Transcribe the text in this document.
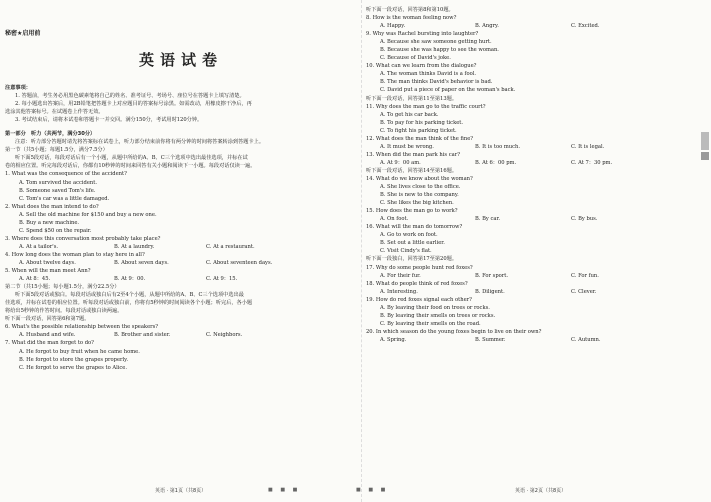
秘密★启用前
英语试卷
注意事项：
1. 答题前，考生务必用黑色碳素笔将自己的姓名、准考证号、考场号、座位号在答题卡上填写清楚。
2. 每小题选出答案后，用2B铅笔把答题卡上对应题目的答案标号涂黑。如需改动，用橡皮擦干净后，再
选涂其他答案标号。在试题卷上作答无效。
3. 考试结束后，请将本试卷和答题卡一并交回。满分150分，考试用时120分钟。
第一部分　听力（共两节，满分30分）
注意：听力部分答题时请先将答案标在试卷上，听力部分结束前你将有两分钟的时间将答案转涂到答题卡上。
第一节（共5小题；每题1.5分，满分7.5分）
听下面5段对话，每段对话后有一个小题，从题中所给的A、B、C三个选项中选出最佳选项，并标在试
卷的相应位置。听完每段对话后，你都有10秒钟的时间来回答有关小题和阅读下一小题。每段对话仅读一遍。
1. What was the consequence of the accident?
A. Tom survived the accident.
B. Someone saved Tom's life.
C. Tom's car was a little damaged.
2. What does the man intend to do?
A. Sell the old machine for $150 and buy a new one.
B. Buy a new machine.
C. Spend $50 on the repair.
3. Where does this conversation most probably take place?
A. At a tailor's.	B. At a laundry.	C. At a restaurant.
4. How long does the woman plan to stay here in all?
A. About twelve days.	B. About seven days.	C. About seventeen days.
5. When will the man meet Ann?
A. At 8：45.	B. At 9：00.	C. At 9：15.
第二节（共15小题；每小题1.5分，满分22.5分）
听下面5段对话或独白。每段对话或独白后有2至4个小题，从题中所给的A、B、C三个选项中选出最
佳选项，并标在试卷的相应位置。听每段对话或独白前，你将有5秒钟的时间阅读各个小题；听完后，各小题
将给出5秒钟的作答时间。每段对话或独白读两遍。
听下面一段对话，回答第6和第7题。
6. What's the possible relationship between the speakers?
A. Husband and wife.	B. Brother and sister.	C. Neighbors.
7. What did the man forget to do?
A. He forgot to buy fruit when he came home.
B. He forgot to store the grapes properly.
C. He forgot to serve the grapes to Alice.
听下面一段对话，回答第8和第10题。
8. How is the woman feeling now?
A. Happy.	B. Angry.	C. Excited.
9. Why was Rachel bursting into laughter?
A. Because she saw someone getting hurt.
B. Because she was happy to see the woman.
C. Because of David's joke.
10. What can we learn from the dialogue?
A. The woman thinks David is a fool.
B. The man thinks David's behavior is bad.
C. David put a piece of paper on the woman's back.
听下面一段对话，回答第11至第13题。
11. Why does the man go to the traffic court?
A. To get his car back.
B. To pay for his parking ticket.
C. To fight his parking ticket.
12. What does the man think of the fine?
A. It must be wrong.	B. It is too much.	C. It is legal.
13. When did the man park his car?
A. At 9：00 am.	B. At 6：00 pm.	C. At 7：30 pm.
听下面一段对话，回答第14至第16题。
14. What do we know about the woman?
A. She lives close to the office.
B. She is new to the company.
C. She likes the big kitchen.
15. How does the man go to work?
A. On foot.	B. By car.	C. By bus.
16. What will the man do tomorrow?
A. Go to work on foot.
B. Set out a little earlier.
C. Visit Cindy's flat.
听下面一段独白，回答第17至第20题。
17. Why do some people hunt red foxes?
A. For their fur.	B. For sport.	C. For fun.
18. What do people think of red foxes?
A. Interesting.	B. Diligent.	C. Clever.
19. How do red foxes signal each other?
A. By leaving their food on trees or rocks.
B. By leaving their smells on trees or rocks.
C. By leaving their smells on the road.
20. In which season do the young foxes begin to live on their own?
A. Spring.	B. Summer.	C. Autumn.
英语 · 第1页（共8页）	■ ■ ■	■ ■ ■	英语 · 第2页（共8页）
